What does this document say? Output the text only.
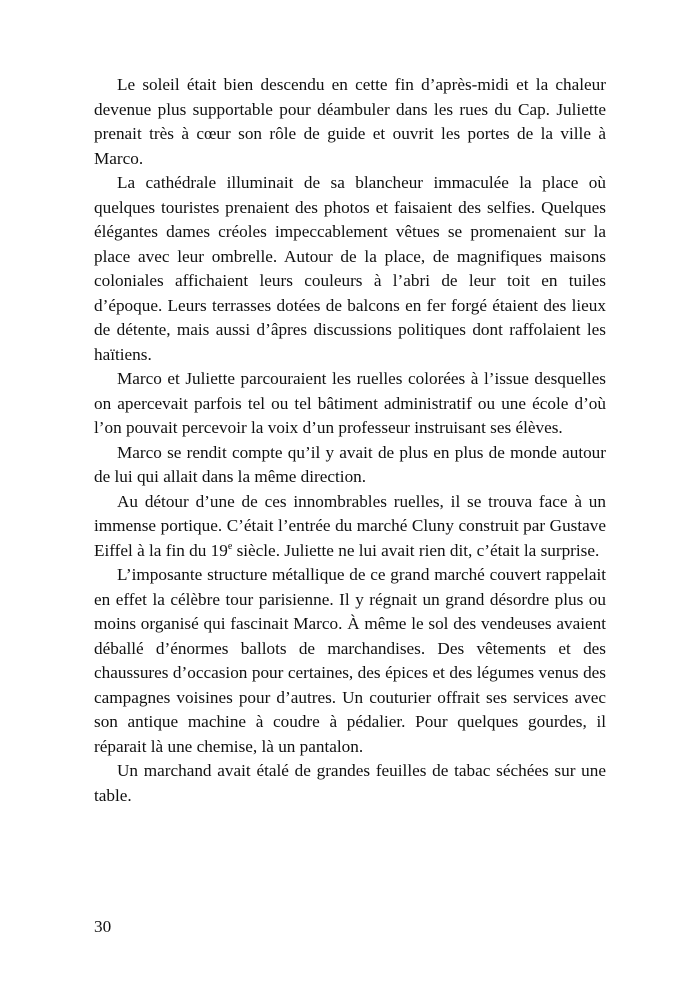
Le soleil était bien descendu en cette fin d’après-midi et la chaleur devenue plus supportable pour déambuler dans les rues du Cap. Juliette prenait très à cœur son rôle de guide et ouvrit les portes de la ville à Marco.

La cathédrale illuminait de sa blancheur immaculée la place où quelques touristes prenaient des photos et faisaient des selfies. Quelques élégantes dames créoles impeccablement vêtues se promenaient sur la place avec leur ombrelle. Autour de la place, de magnifiques maisons coloniales affichaient leurs couleurs à l’abri de leur toit en tuiles d’époque. Leurs terrasses dotées de balcons en fer forgé étaient des lieux de détente, mais aussi d’âpres discussions politiques dont raffolaient les haïtiens.

Marco et Juliette parcouraient les ruelles colorées à l’issue desquelles on apercevait parfois tel ou tel bâtiment administratif ou une école d’où l’on pouvait percevoir la voix d’un professeur instruisant ses élèves.

Marco se rendit compte qu’il y avait de plus en plus de monde autour de lui qui allait dans la même direction.

Au détour d’une de ces innombrables ruelles, il se trouva face à un immense portique. C’était l’entrée du marché Cluny construit par Gustave Eiffel à la fin du 19e siècle. Juliette ne lui avait rien dit, c’était la surprise.

L’imposante structure métallique de ce grand marché couvert rappelait en effet la célèbre tour parisienne. Il y régnait un grand désordre plus ou moins organisé qui fascinait Marco. À même le sol des vendeuses avaient déballé d’énormes ballots de marchandises. Des vêtements et des chaussures d’occasion pour certaines, des épices et des légumes venus des campagnes voisines pour d’autres. Un couturier offrait ses services avec son antique machine à coudre à pédalier. Pour quelques gourdes, il réparait là une chemise, là un pantalon.

Un marchand avait étalé de grandes feuilles de tabac séchées sur une table.

30
